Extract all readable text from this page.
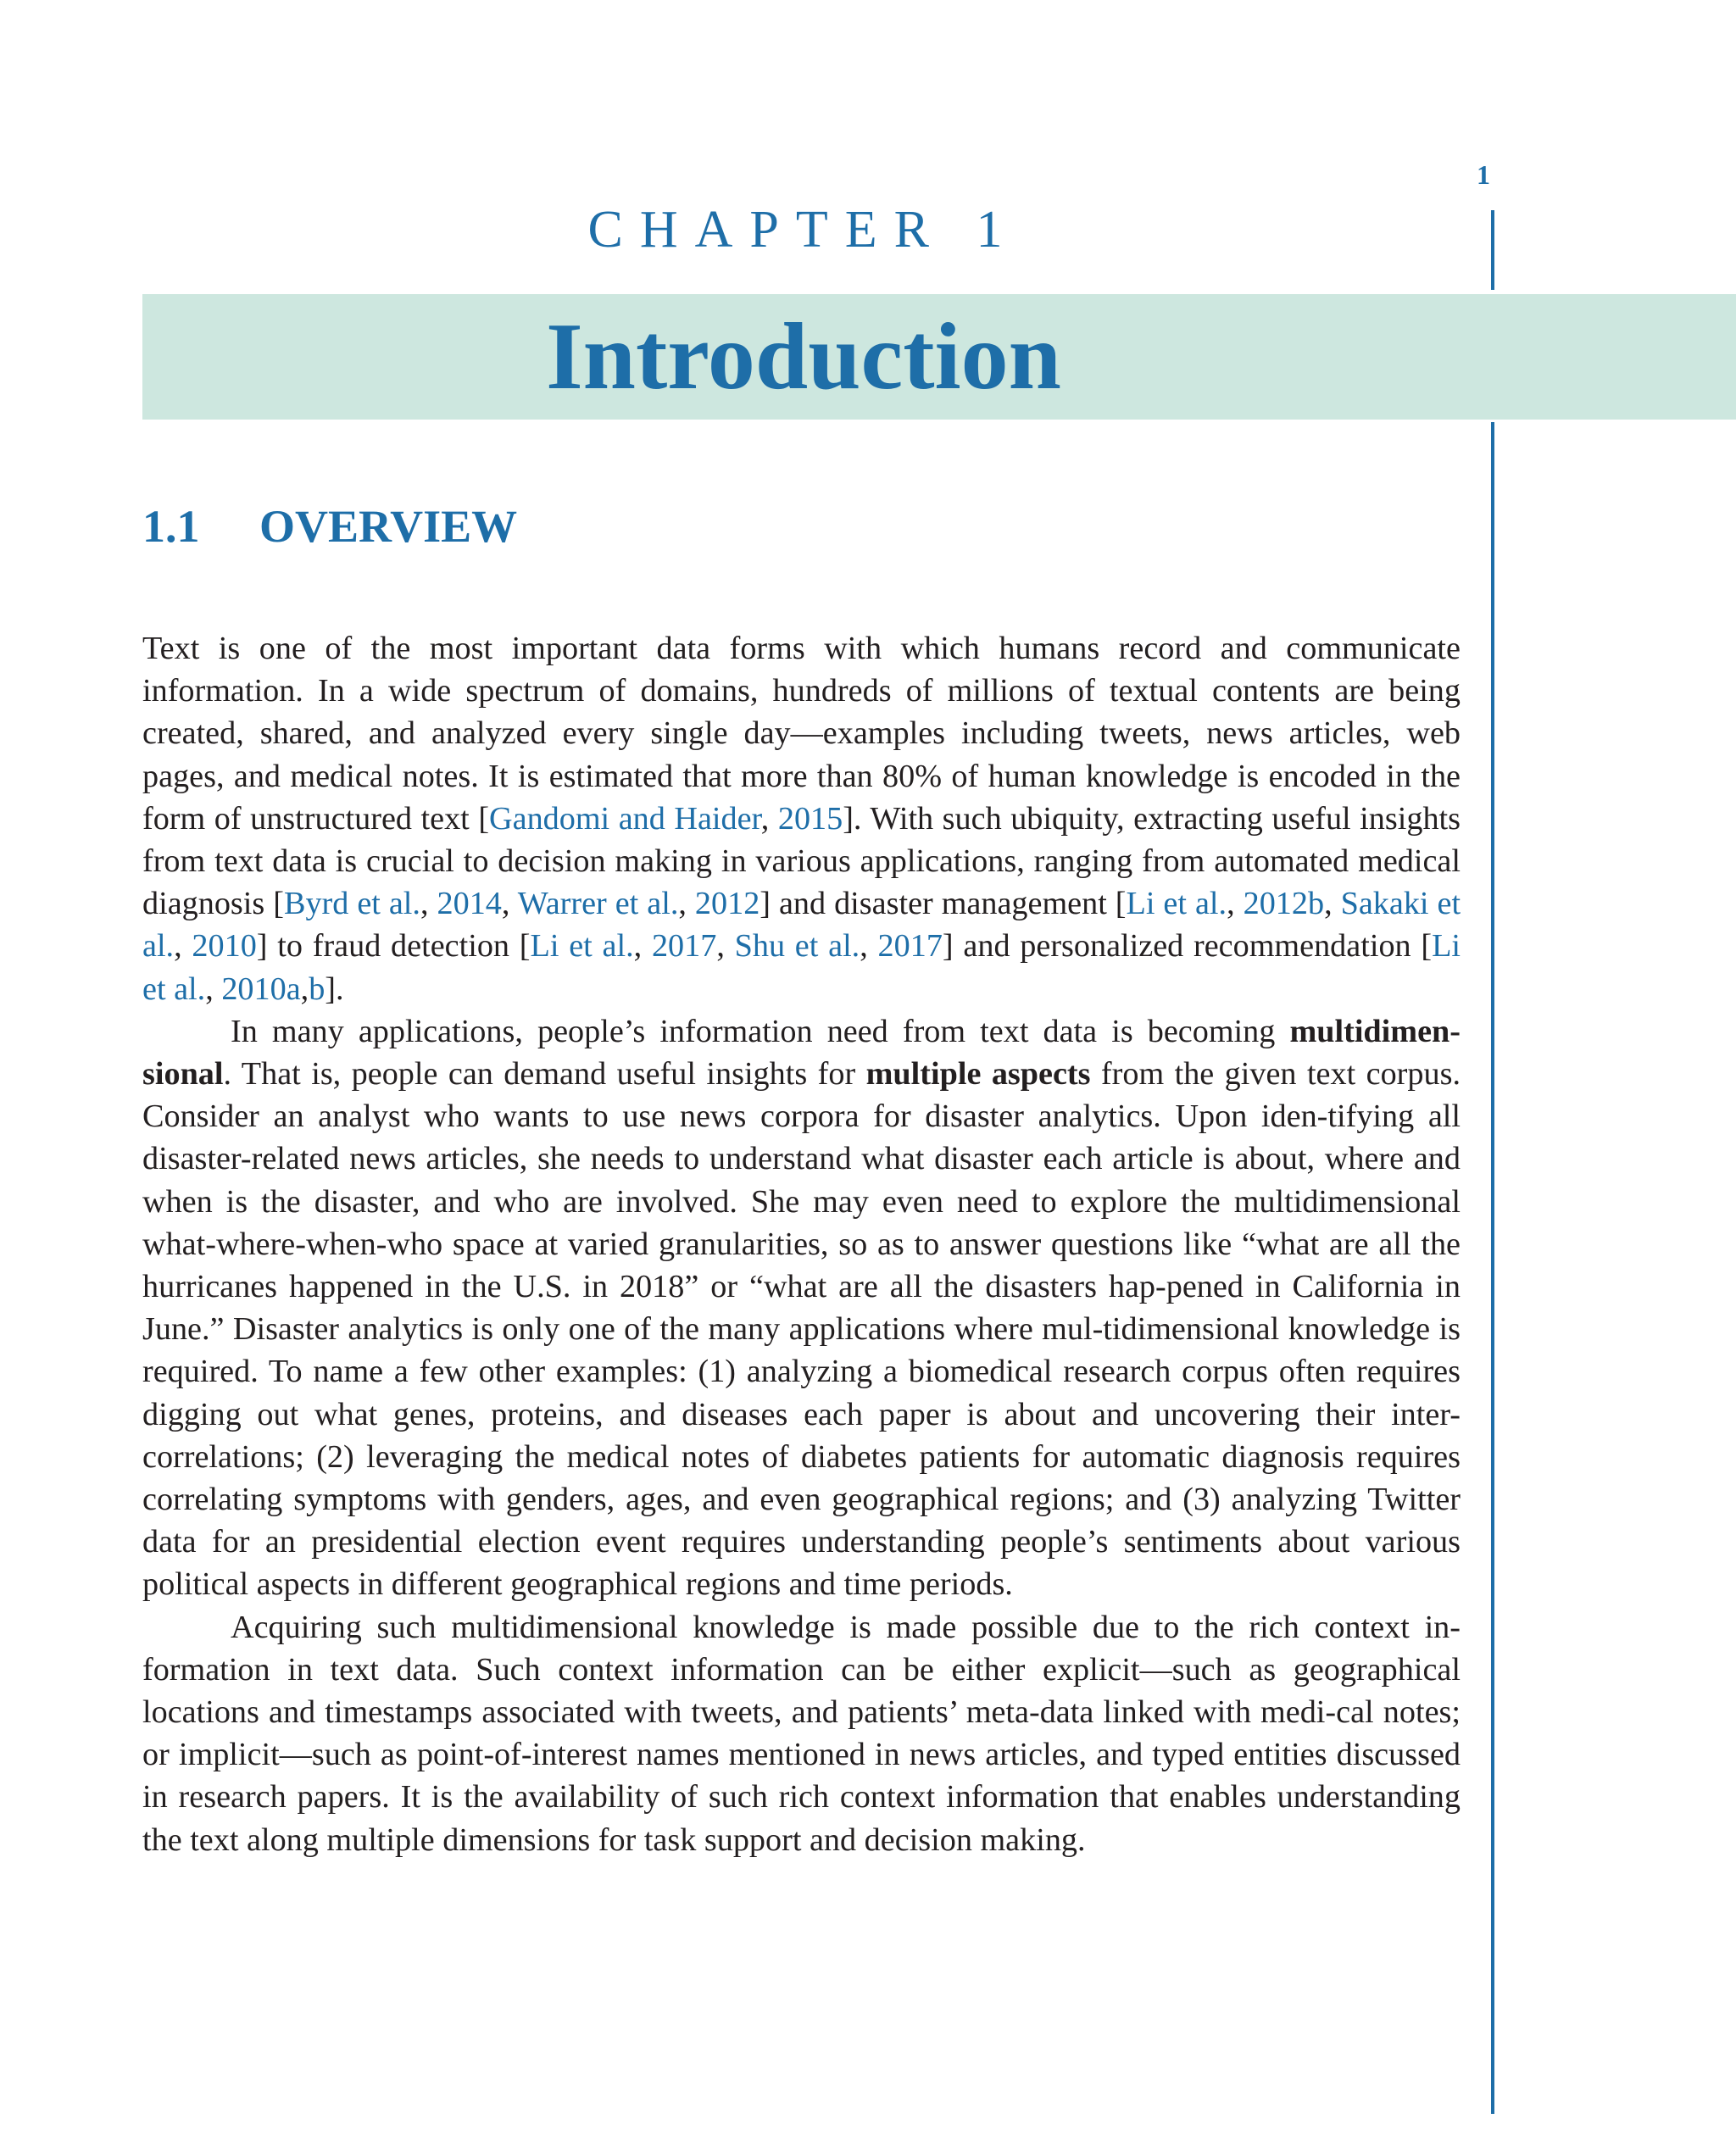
1
CHAPTER 1
Introduction
1.1	OVERVIEW

Text is one of the most important data forms with which humans record and communicate information. In a wide spectrum of domains, hundreds of millions of textual contents are being created, shared, and analyzed every single day—examples including tweets, news articles, web pages, and medical notes. It is estimated that more than 80% of human knowledge is encoded in the form of unstructured text [Gandomi and Haider, 2015]. With such ubiquity, extracting useful insights from text data is crucial to decision making in various applications, ranging from automated medical diagnosis [Byrd et al., 2014, Warrer et al., 2012] and disaster management [Li et al., 2012b, Sakaki et al., 2010] to fraud detection [Li et al., 2017, Shu et al., 2017] and personalized recommendation [Li et al., 2010a,b].

In many applications, people’s information need from text data is becoming multidimen-sional. That is, people can demand useful insights for multiple aspects from the given text corpus. Consider an analyst who wants to use news corpora for disaster analytics. Upon iden-tifying all disaster-related news articles, she needs to understand what disaster each article is about, where and when is the disaster, and who are involved. She may even need to explore the multidimensional what-where-when-who space at varied granularities, so as to answer questions like “what are all the hurricanes happened in the U.S. in 2018” or “what are all the disasters hap-pened in California in June.” Disaster analytics is only one of the many applications where mul-tidimensional knowledge is required. To name a few other examples: (1) analyzing a biomedical research corpus often requires digging out what genes, proteins, and diseases each paper is about and uncovering their inter-correlations; (2) leveraging the medical notes of diabetes patients for automatic diagnosis requires correlating symptoms with genders, ages, and even geographical regions; and (3) analyzing Twitter data for an presidential election event requires understanding people’s sentiments about various political aspects in different geographical regions and time periods.

Acquiring such multidimensional knowledge is made possible due to the rich context in-formation in text data. Such context information can be either explicit—such as geographical locations and timestamps associated with tweets, and patients’ meta-data linked with medi-cal notes; or implicit—such as point-of-interest names mentioned in news articles, and typed entities discussed in research papers. It is the availability of such rich context information that enables understanding the text along multiple dimensions for task support and decision making.
